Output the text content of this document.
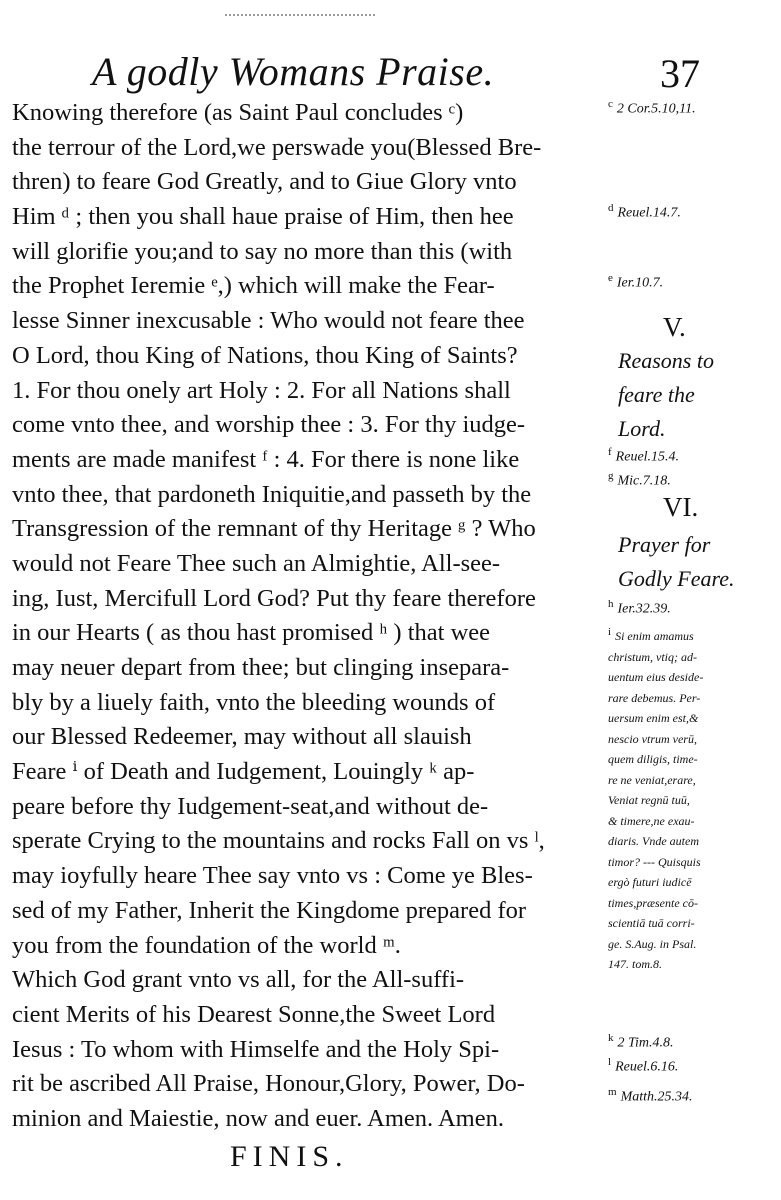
A godly Womans Praise.	37
Knowing therefore (as Saint Paul concludes ᶜ)
the terrour of the Lord,we perswade you(Blessed Bre-
thren) to feare God Greatly, and to Giue Glory vnto
Him ᵈ ; then you shall haue praise of Him, then hee
will glorifie you;and to say no more than this (with
the Prophet Ieremie ᵉ,) which will make the Fear-
lesse Sinner inexcusable : Who would not feare thee
O Lord, thou King of Nations, thou King of Saints?
1. For thou onely art Holy : 2. For all Nations shall
come vnto thee, and worship thee : 3. For thy iudge-
ments are made manifest ᶠ : 4. For there is none like
vnto thee, that pardoneth Iniquitie,and passeth by the
Transgression of the remnant of thy Heritage ᵍ ? Who
would not Feare Thee such an Almightie, All-see-
ing, Iust, Mercifull Lord God? Put thy feare therefore
in our Hearts ( as thou hast promised ʰ ) that wee
may neuer depart from thee; but clinging insepara-
bly by a liuely faith, vnto the bleeding wounds of
our Blessed Redeemer, may without all slauish
Feare ⁱ of Death and Iudgement, Louingly ᵏ ap-
peare before thy Iudgement-seat,and without de-
sperate Crying to the mountains and rocks Fall on vs ˡ,
may ioyfully heare Thee say vnto vs : Come ye Bles-
sed of my Father, Inherit the Kingdome prepared for
you from the foundation of the world ᵐ.
Which God grant vnto vs all, for the All-suffi-
cient Merits of his Dearest Sonne,the Sweet Lord
Iesus : To whom with Himselfe and the Holy Spi-
rit be ascribed All Praise, Honour,Glory, Power, Do-
minion and Maiestie, now and euer. Amen. Amen.
$^c$ 2 Cor.5.10,11.
$^d$ Reuel.14.7.
$^e$ Ier.10.7.
V.
Reasons to
feare the
Lord.
$^f$ Reuel.15.4.
$^g$ Mic.7.18.
VI.
Prayer for
Godly Feare.
$^h$ Ier.32.39.
i Si enim amamus
christum, vtiq; ad-
uentum eius deside-
rare debemus. Per-
uersum enim est,&
nescio vtrum verū,
quem diligis, time-
re ne veniat,erare,
Veniat regnū tuū,
& timere,ne exau-
diaris. Vnde autem
timor? --- Quisquis
ergò futuri iudicē
times,præsente cō-
scientiā tuā corri-
ge. S.Aug. in Psal.
147. tom.8.

$^k$ 2 Tim.4.8.
$^l$ Reuel.6.16.
$^m$ Matth.25.34.
FINIS.
